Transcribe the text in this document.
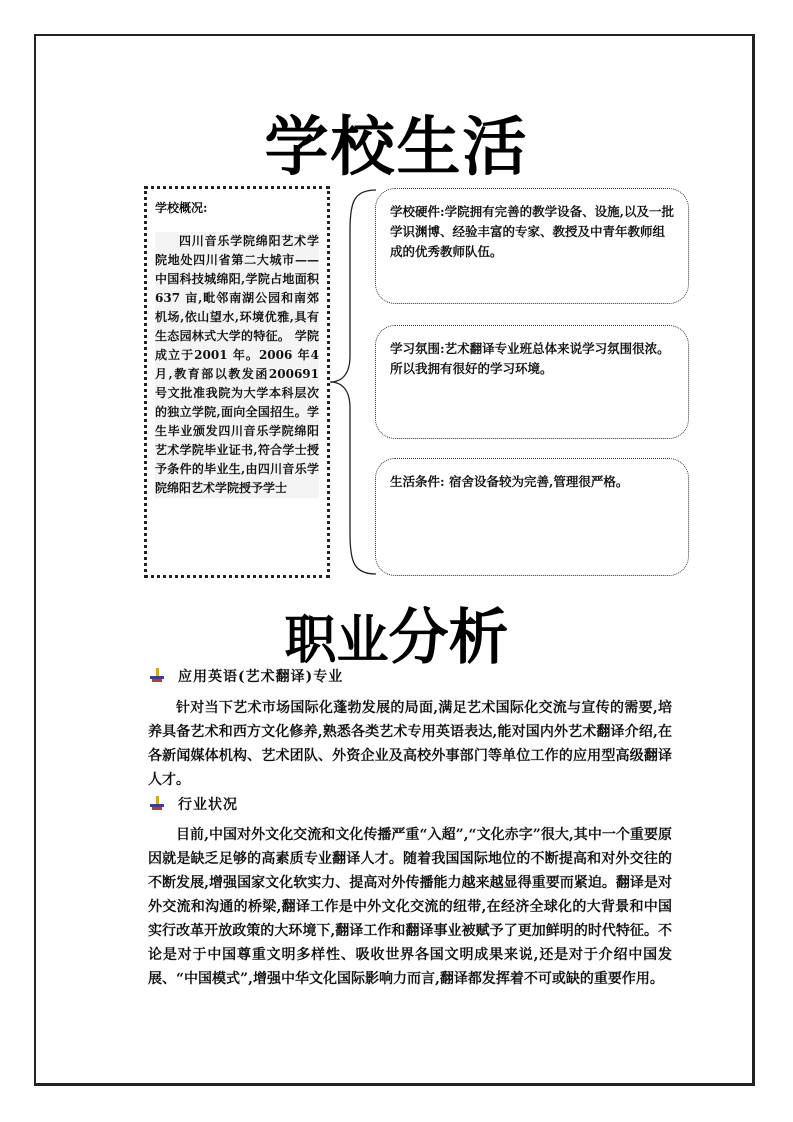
学校生活
学校概况:
四川音乐学院绵阳艺术学院地处四川省第二大城市——中国科技城绵阳,学院占地面积637 亩,毗邻南湖公园和南郊机场,依山望水,环境优雅,具有生态园林式大学的特征。 学院成立于2001 年。2006 年4月,教育部以教发函200691 号文批准我院为大学本科层次的独立学院,面向全国招生。学生毕业颁发四川音乐学院绵阳艺术学院毕业证书,符合学士授予条件的毕业生,由四川音乐学院绵阳艺术学院授予学士
学校硬件:学院拥有完善的教学设备、设施,以及一批学识渊博、经验丰富的专家、教授及中青年教师组成的优秀教师队伍。
学习氛围:艺术翻译专业班总体来说学习氛围很浓。所以我拥有很好的学习环境。
生活条件: 宿舍设备较为完善,管理很严格。
职业分析
应用英语(艺术翻译)专业
针对当下艺术市场国际化蓬勃发展的局面,满足艺术国际化交流与宣传的需要,培养具备艺术和西方文化修养,熟悉各类艺术专用英语表达,能对国内外艺术翻译介绍,在各新闻媒体机构、艺术团队、外资企业及高校外事部门等单位工作的应用型高级翻译人才。
行业状况
目前,中国对外文化交流和文化传播严重“入超”,“文化赤字”很大,其中一个重要原因就是缺乏足够的高素质专业翻译人才。随着我国国际地位的不断提高和对外交往的不断发展,增强国家文化软实力、提高对外传播能力越来越显得重要而紧迫。翻译是对外交流和沟通的桥梁,翻译工作是中外文化交流的纽带,在经济全球化的大背景和中国实行改革开放政策的大环境下,翻译工作和翻译事业被赋予了更加鲜明的时代特征。不论是对于中国尊重文明多样性、吸收世界各国文明成果来说,还是对于介绍中国发展、“中国模式”,增强中华文化国际影响力而言,翻译都发挥着不可或缺的重要作用。
